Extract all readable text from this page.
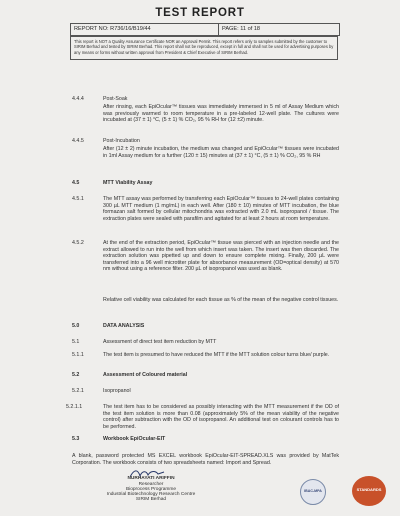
TEST REPORT
REPORT NO: R736/16/B19/44	PAGE: 11 of 18
This report is NOT a Quality Assurance Certificate NOR an Approval Permit. This report refers only to samples submitted by the customer to SIRIM Berhad and tested by SIRIM Berhad. This report shall not be reproduced, except in full and shall not be used for advertising purposes by any means or forms without written approval from President & Chief Executive of SIRIM Berhad.
4.4.4	Post-Soak
After rinsing, each EpiOcular™ tissues was immediately immersed in 5 ml of Assay Medium which was previously warmed to room temperature in a pre-labeled 12-well plate. The cultures were incubated at (37 ± 1) °C, (5 ± 1) % CO₂, 95 % RH for (12 ±2) minute.
4.4.5	Post-Incubation
After (12 ± 2) minute incubation, the medium was changed and EpiOcular™ tissues were incubated in 1ml Assay medium for a further (120 ± 15) minutes at (37 ± 1) °C, (5 ± 1) % CO₂, 95 % RH
4.5	MTT Viability Assay
4.5.1	The MTT assay was performed by transferring each EpiOcular™ tissues to 24-well plates containing 300 µL MTT medium (1 mg/mL) in each well. After (180 ± 10) minutes of MTT incubation, the blue formazan salt formed by cellular mitochondria was extracted with 2.0 mL isopropanol / tissue. The extraction plates were sealed with parafilm and agitated for at least 2 hours at room temperature.
4.5.2	At the end of the extraction period, EpiOcular™ tissue was pierced with an injection needle and the extract allowed to run into the well from which insert was taken. The insert was then discarded. The extraction solution was pipetted up and down to ensure complete mixing. Finally, 200 µL were transferred into a 96 well microtiter plate for absorbance measurement (OD=optical density) at 570 nm without using a reference filter. 200 µL of isopropanol was used as blank.
Relative cell viability was calculated for each tissue as % of the mean of the negative control tissues.
5.0	DATA ANALYSIS
5.1	Assessment of direct test item reduction by MTT
5.1.1	The test item is presumed to have reduced the MTT if the MTT solution colour turns blue/ purple.
5.2	Assessment of Coloured material
5.2.1	Isopropanol
5.2.1.1	The test item has to be considered as possibly interacting with the MTT measurement if the OD of the test item solution is more than 0.08 (approximately 5% of the mean viability of the negative control) after subtraction with the OD of isopropanol. An additional test on colourant controls has to be performed.
5.3	Workbook EpiOcular-EIT
A blank, password protected MS EXCEL workbook EpiOcular-EIT-SPREAD.XLS was provided by MatTek Corporation. The workbook consists of two spreadsheets named: Import and Spread.
NURHAYATI ARIFFIN
Researcher
Bioprocess Programme
Industrial Biotechnology Research Centre
SIRIM Berhad
IBAC-MPA	STANDARDS
